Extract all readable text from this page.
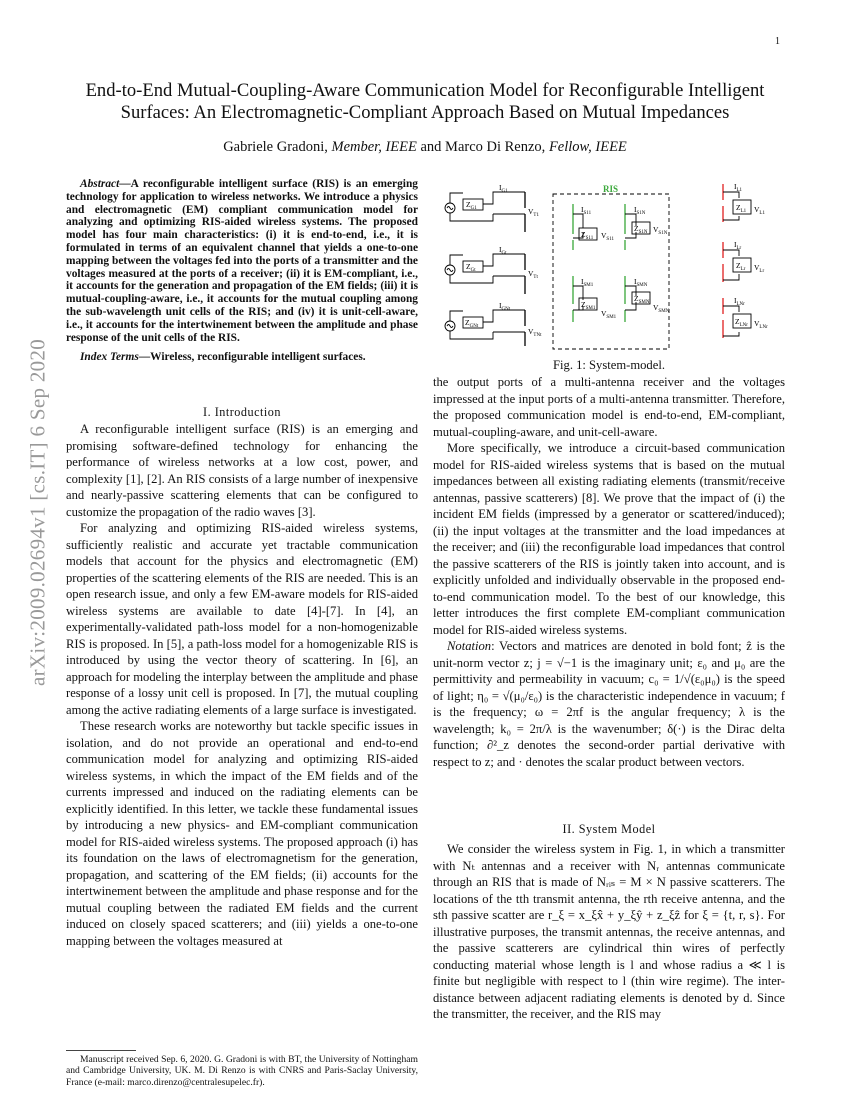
1
arXiv:2009.02694v1 [cs.IT] 6 Sep 2020
End-to-End Mutual-Coupling-Aware Communication Model for Reconfigurable Intelligent Surfaces: An Electromagnetic-Compliant Approach Based on Mutual Impedances
Gabriele Gradoni, Member, IEEE and Marco Di Renzo, Fellow, IEEE

Abstract—A reconfigurable intelligent surface (RIS) is an emerging technology for application to wireless networks. We introduce a physics and electromagnetic (EM) compliant communication model for analyzing and optimizing RIS-aided wireless systems. The proposed model has four main characteristics: (i) it is end-to-end, i.e., it is formulated in terms of an equivalent channel that yields a one-to-one mapping between the voltages fed into the ports of a transmitter and the voltages measured at the ports of a receiver; (ii) it is EM-compliant, i.e., it accounts for the generation and propagation of the EM fields; (iii) it is mutual-coupling-aware, i.e., it accounts for the mutual coupling among the sub-wavelength unit cells of the RIS; and (iv) it is unit-cell-aware, i.e., it accounts for the intertwinement between the amplitude and phase response of the unit cells of the RIS.

Index Terms—Wireless, reconfigurable intelligent surfaces.

I. Introduction

A reconfigurable intelligent surface (RIS) is an emerging and promising software-defined technology for enhancing the performance of wireless networks at a low cost, power, and complexity [1], [2]. An RIS consists of a large number of inexpensive and nearly-passive scattering elements that can be configured to customize the propagation of the radio waves [3].

For analyzing and optimizing RIS-aided wireless systems, sufficiently realistic and accurate yet tractable communication models that account for the physics and electromagnetic (EM) properties of the scattering elements of the RIS are needed. This is an open research issue, and only a few EM-aware models for RIS-aided wireless systems are available to date [4]-[7]. In [4], an experimentally-validated path-loss model for a non-homogenizable RIS is proposed. In [5], a path-loss model for a homogenizable RIS is introduced by using the vector theory of scattering. In [6], an approach for modeling the interplay between the amplitude and phase response of a lossy unit cell is proposed. In [7], the mutual coupling among the active radiating elements of a large surface is investigated.

These research works are noteworthy but tackle specific issues in isolation, and do not provide an operational and end-to-end communication model for analyzing and optimizing RIS-aided wireless systems, in which the impact of the EM fields and of the currents impressed and induced on the radiating elements can be explicitly identified. In this letter, we tackle these fundamental issues by introducing a new physics- and EM-compliant communication model for RIS-aided wireless systems. The proposed approach (i) has its foundation on the laws of electromagnetism for the generation, propagation, and scattering of the EM fields; (ii) accounts for the intertwinement between the amplitude and phase response and for the mutual coupling between the radiated EM fields and the current induced on closely spaced scatterers; and (iii) yields a one-to-one mapping between the voltages measured at

Manuscript received Sep. 6, 2020. G. Gradoni is with BT, the University of Nottingham and Cambridge University, UK. M. Di Renzo is with CNRS and Paris-Saclay University, France (e-mail: marco.direnzo@centralesupelec.fr).

$Z_{G1}$
$I_{G1}$
$V_{T1}$
$Z_{Gt}$
$I_{Gt}$
$V_{Tt}$
$Z_{GNt}$
$I_{GNt}$
$V_{TNt}$
RIS
$I_S11$
$Z_S11$ $V_S11$
$I_S1N$
$Z_S1N$ $V_S1N$
$I_SM1$
$Z_SM1$
$V_SM1$
$I_SMN$
$Z_SMN$
$V_SMN$
$I_{L1}$
$Z_{L1}$ $V_{L1}$
$I_{Lr}$
$Z_{Lr}$ $V_{Lr}$
$I_{LNr}$
$Z_{LNr}$ $V_{LNr}$
Fig. 1: System-model.

the output ports of a multi-antenna receiver and the voltages impressed at the input ports of a multi-antenna transmitter. Therefore, the proposed communication model is end-to-end, EM-compliant, mutual-coupling-aware, and unit-cell-aware.

More specifically, we introduce a circuit-based communication model for RIS-aided wireless systems that is based on the mutual impedances between all existing radiating elements (transmit/receive antennas, passive scatterers) [8]. We prove that the impact of (i) the incident EM fields (impressed by a generator or scattered/induced); (ii) the input voltages at the transmitter and the load impedances at the receiver; and (iii) the reconfigurable load impedances that control the passive scatterers of the RIS is jointly taken into account, and is explicitly unfolded and individually observable in the proposed end-to-end communication model. To the best of our knowledge, this letter introduces the first complete EM-compliant communication model for RIS-aided wireless systems.

Notation: Vectors and matrices are denoted in bold font; ẑ is the unit-norm vector z; j = √−1 is the imaginary unit; ε₀ and μ₀ are the permittivity and permeability in vacuum; c₀ = 1/√(ε₀μ₀) is the speed of light; η₀ = √(μ₀/ε₀) is the characteristic independence in vacuum; f is the frequency; ω = 2πf is the angular frequency; λ is the wavelength; k₀ = 2π/λ is the wavenumber; δ(·) is the Dirac delta function; ∂²_z denotes the second-order partial derivative with respect to z; and · denotes the scalar product between vectors.

II. System Model

We consider the wireless system in Fig. 1, in which a transmitter with Nₜ antennas and a receiver with Nᵣ antennas communicate through an RIS that is made of Nᵣᵢₛ = M × N passive scatterers. The locations of the tth transmit antenna, the rth receive antenna, and the sth passive scatter are r_ξ = x_ξx̂ + y_ξŷ + z_ξẑ for ξ = {t, r, s}. For illustrative purposes, the transmit antennas, the receive antennas, and the passive scatterers are cylindrical thin wires of perfectly conducting material whose length is l and whose radius a ≪ l is finite but negligible with respect to l (thin wire regime). The inter-distance between adjacent radiating elements is denoted by d. Since the transmitter, the receiver, and the RIS may
